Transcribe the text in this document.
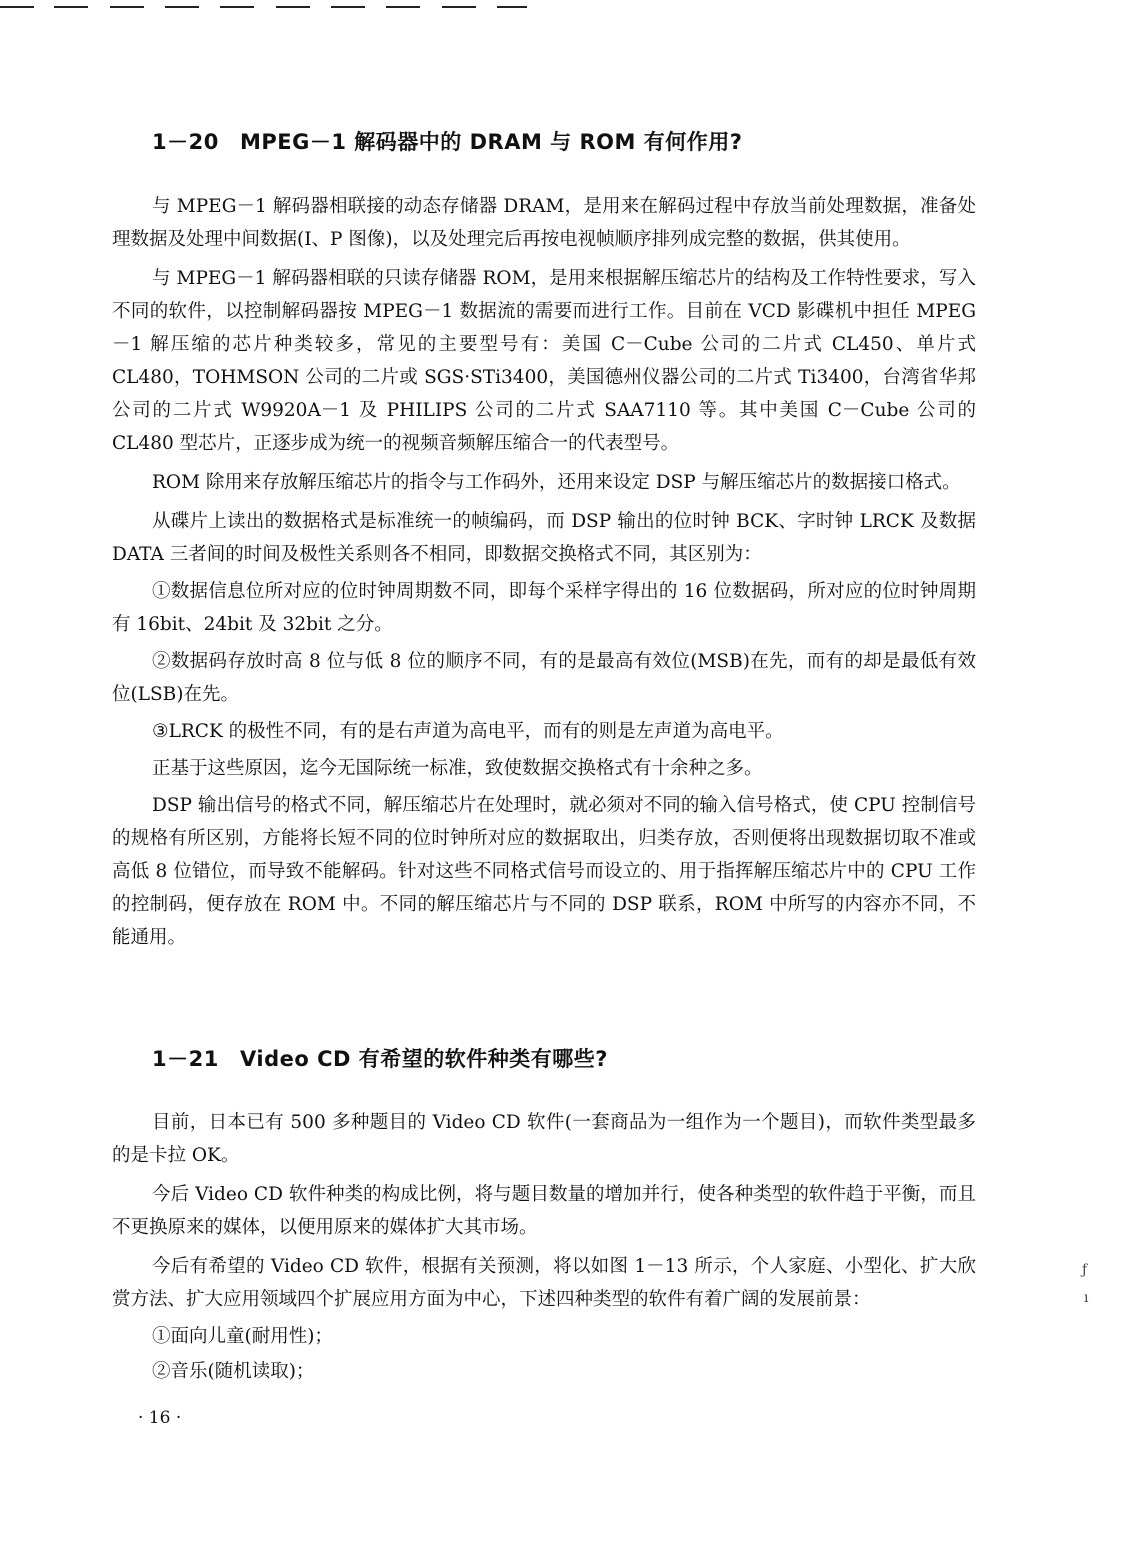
1－20 MPEG－1 解码器中的 DRAM 与 ROM 有何作用?

与 MPEG－1 解码器相联接的动态存储器 DRAM，是用来在解码过程中存放当前处理数据，准备处理数据及处理中间数据(I、P 图像)，以及处理完后再按电视帧顺序排列成完整的数据，供其使用。

与 MPEG－1 解码器相联的只读存储器 ROM，是用来根据解压缩芯片的结构及工作特性要求，写入不同的软件，以控制解码器按 MPEG－1 数据流的需要而进行工作。目前在 VCD 影碟机中担任 MPEG－1 解压缩的芯片种类较多，常见的主要型号有：美国 C－Cube 公司的二片式 CL450、单片式 CL480，TOHMSON 公司的二片或 SGS·STi3400，美国德州仪器公司的二片式 Ti3400，台湾省华邦公司的二片式 W9920A－1 及 PHILIPS 公司的二片式 SAA7110 等。其中美国 C－Cube 公司的 CL480 型芯片，正逐步成为统一的视频音频解压缩合一的代表型号。

ROM 除用来存放解压缩芯片的指令与工作码外，还用来设定 DSP 与解压缩芯片的数据接口格式。

从碟片上读出的数据格式是标准统一的帧编码，而 DSP 输出的位时钟 BCK、字时钟 LRCK 及数据 DATA 三者间的时间及极性关系则各不相同，即数据交换格式不同，其区别为：

①数据信息位所对应的位时钟周期数不同，即每个采样字得出的 16 位数据码，所对应的位时钟周期有 16bit、24bit 及 32bit 之分。

②数据码存放时高 8 位与低 8 位的顺序不同，有的是最高有效位(MSB)在先，而有的却是最低有效位(LSB)在先。

③LRCK 的极性不同，有的是右声道为高电平，而有的则是左声道为高电平。

正基于这些原因，迄今无国际统一标准，致使数据交换格式有十余种之多。

DSP 输出信号的格式不同，解压缩芯片在处理时，就必须对不同的输入信号格式，使 CPU 控制信号的规格有所区别，方能将长短不同的位时钟所对应的数据取出，归类存放，否则便将出现数据切取不准或高低 8 位错位，而导致不能解码。针对这些不同格式信号而设立的、用于指挥解压缩芯片中的 CPU 工作的控制码，便存放在 ROM 中。不同的解压缩芯片与不同的 DSP 联系，ROM 中所写的内容亦不同，不能通用。

1－21 Video CD 有希望的软件种类有哪些?

目前，日本已有 500 多种题目的 Video CD 软件(一套商品为一组作为一个题目)，而软件类型最多的是卡拉 OK。

今后 Video CD 软件种类的构成比例，将与题目数量的增加并行，使各种类型的软件趋于平衡，而且不更换原来的媒体，以便用原来的媒体扩大其市场。

今后有希望的 Video CD 软件，根据有关预测，将以如图 1－13 所示，个人家庭、小型化、扩大欣赏方法、扩大应用领域四个扩展应用方面为中心，下述四种类型的软件有着广阔的发展前景：

①面向儿童(耐用性)；

②音乐(随机读取)；

· 16 ·
ƒ
ı
